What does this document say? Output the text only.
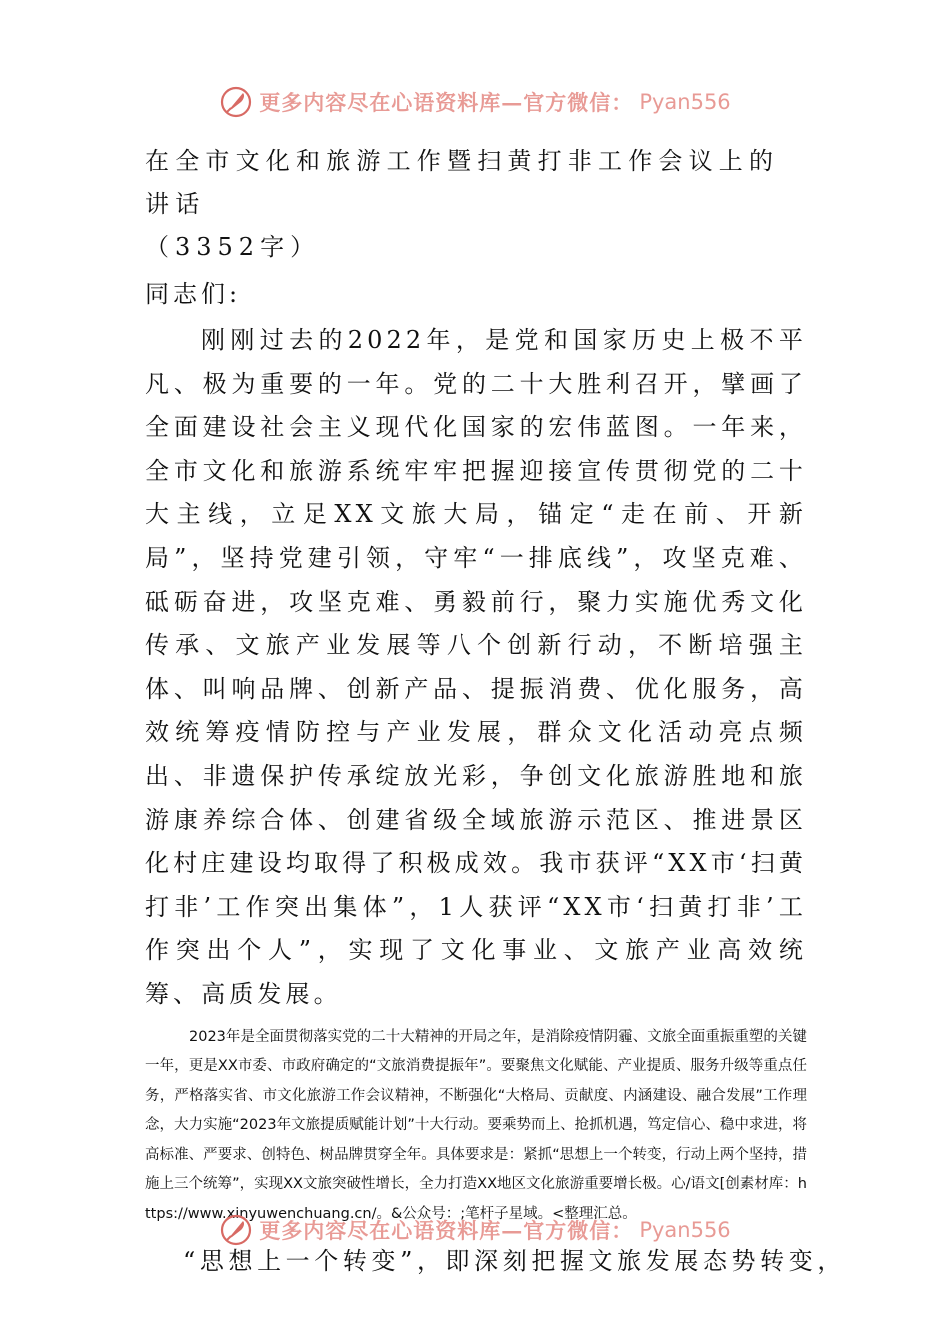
更多内容尽在心语资料库—官方微信： Pyan556
在全市文化和旅游工作暨扫黄打非工作会议上的讲话

（3352字）

同志们:

刚刚过去的2022年，是党和国家历史上极不平凡、极为重要的一年。党的二十大胜利召开，擘画了全面建设社会主义现代化国家的宏伟蓝图。一年来，全市文化和旅游系统牢牢把握迎接宣传贯彻党的二十大主线，立足XX文旅大局，锚定“走在前、开新局”，坚持党建引领，守牢“一排底线”，攻坚克难、砥砺奋进，攻坚克难、勇毅前行，聚力实施优秀文化传承、文旅产业发展等八个创新行动，不断培强主体、叫响品牌、创新产品、提振消费、优化服务，高效统筹疫情防控与产业发展，群众文化活动亮点频出、非遗保护传承绽放光彩，争创文化旅游胜地和旅游康养综合体、创建省级全域旅游示范区、推进景区化村庄建设均取得了积极成效。我市获评“XX市‘扫黄打非’工作突出集体”，1人获评“XX市‘扫黄打非’工作突出个人”，实现了文化事业、文旅产业高效统筹、高质发展。

2023年是全面贯彻落实党的二十大精神的开局之年，是消除疫情阴霾、文旅全面重振重塑的关键一年，更是XX市委、市政府确定的“文旅消费提振年”。要聚焦文化赋能、产业提质、服务升级等重点任务，严格落实省、市文化旅游工作会议精神，不断强化“大格局、贡献度、内涵建设、融合发展”工作理念，大力实施“2023年文旅提质赋能计划”十大行动。要乘势而上、抢抓机遇，笃定信心、稳中求进，将高标准、严要求、创特色、树品牌贯穿全年。具体要求是：紧抓“思想上一个转变，行动上两个坚持，措施上三个统筹”，实现XX文旅突破性增长，全力打造XX地区文化旅游重要增长极。心/语文[创素材库：https://www.xinyuwenchuang.cn/。&公众号：;笔杆子星域。<整理汇总。

“思想上一个转变”，即深刻把握文旅发展态势转变，

更多内容尽在心语资料库—官方微信： Pyan556
